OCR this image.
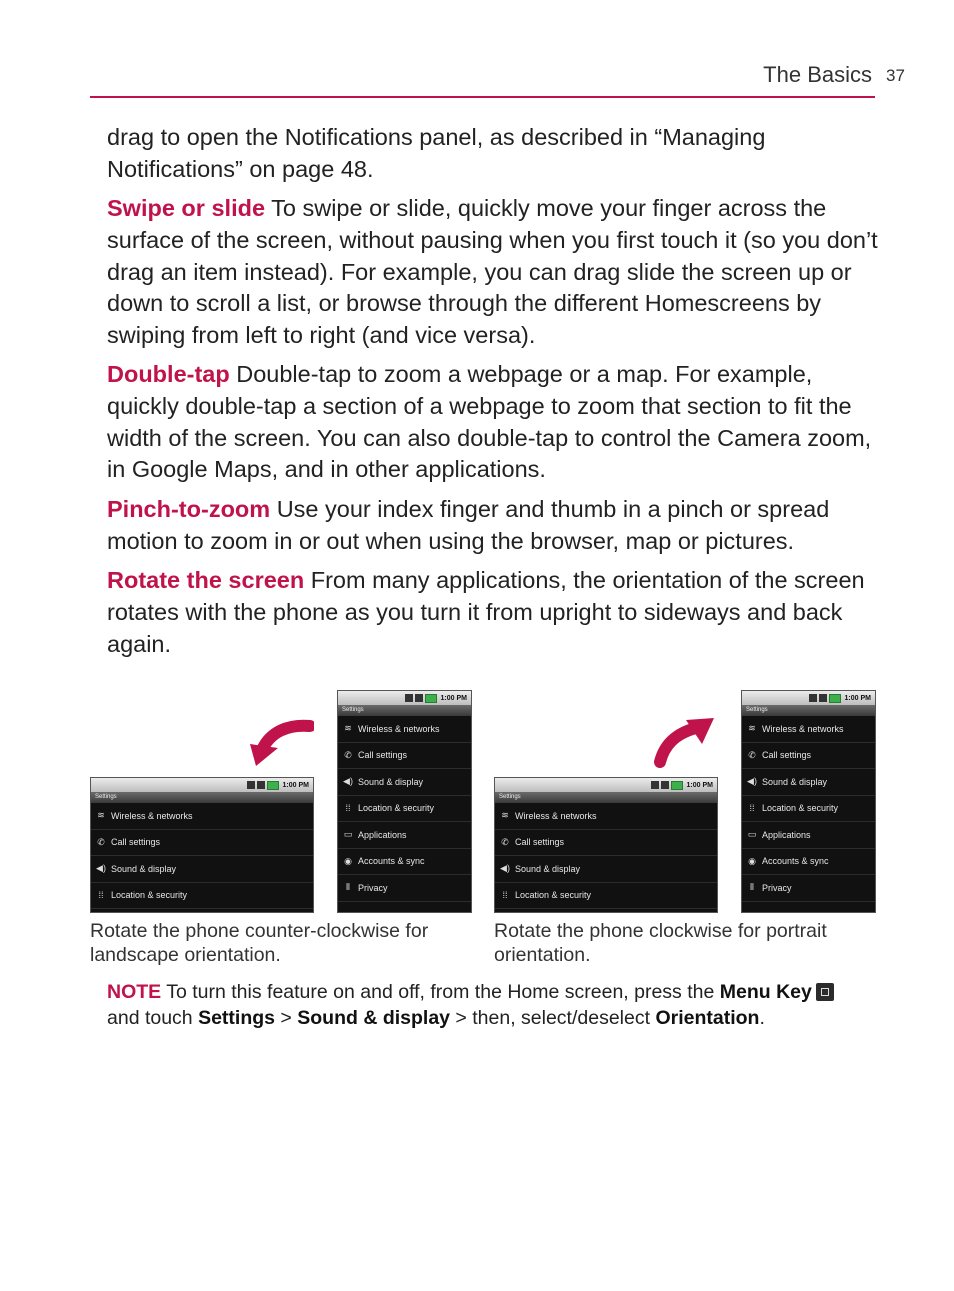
The Basics 37

drag to open the Notifications panel, as described in “Managing Notifications” on page 48.

Swipe or slide To swipe or slide, quickly move your finger across the surface of the screen, without pausing when you first touch it (so you don’t drag an item instead). For example, you can drag slide the screen up or down to scroll a list, or browse through the different Homescreens by swiping from left to right (and vice versa).

Double-tap Double-tap to zoom a webpage or a map. For example, quickly double-tap a section of a webpage to zoom that section to fit the width of the screen. You can also double-tap to control the Camera zoom, in Google Maps, and in other applications.

Pinch-to-zoom Use your index finger and thumb in a pinch or spread motion to zoom in or out when using the browser, map or pictures.

Rotate the screen From many applications, the orientation of the screen rotates with the phone as you turn it from upright to sideways and back again.

1:00 PM
Settings
≋ Wireless & networks
✆ Call settings
◀) Sound & display
⁞⁞ Location & security
1:00 PM
Settings
≋ Wireless & networks
✆ Call settings
◀) Sound & display
⁞⁞ Location & security
▭ Applications
◉ Accounts & sync
⦀ Privacy

Rotate the phone counter-clockwise for landscape orientation.

1:00 PM
Settings
≋ Wireless & networks
✆ Call settings
◀) Sound & display
⁞⁞ Location & security
1:00 PM
Settings
≋ Wireless & networks
✆ Call settings
◀) Sound & display
⁞⁞ Location & security
▭ Applications
◉ Accounts & sync
⦀ Privacy

Rotate the phone clockwise for portrait orientation.

NOTE To turn this feature on and off, from the Home screen, press the Menu Key and touch Settings > Sound & display > then, select/deselect Orientation.
